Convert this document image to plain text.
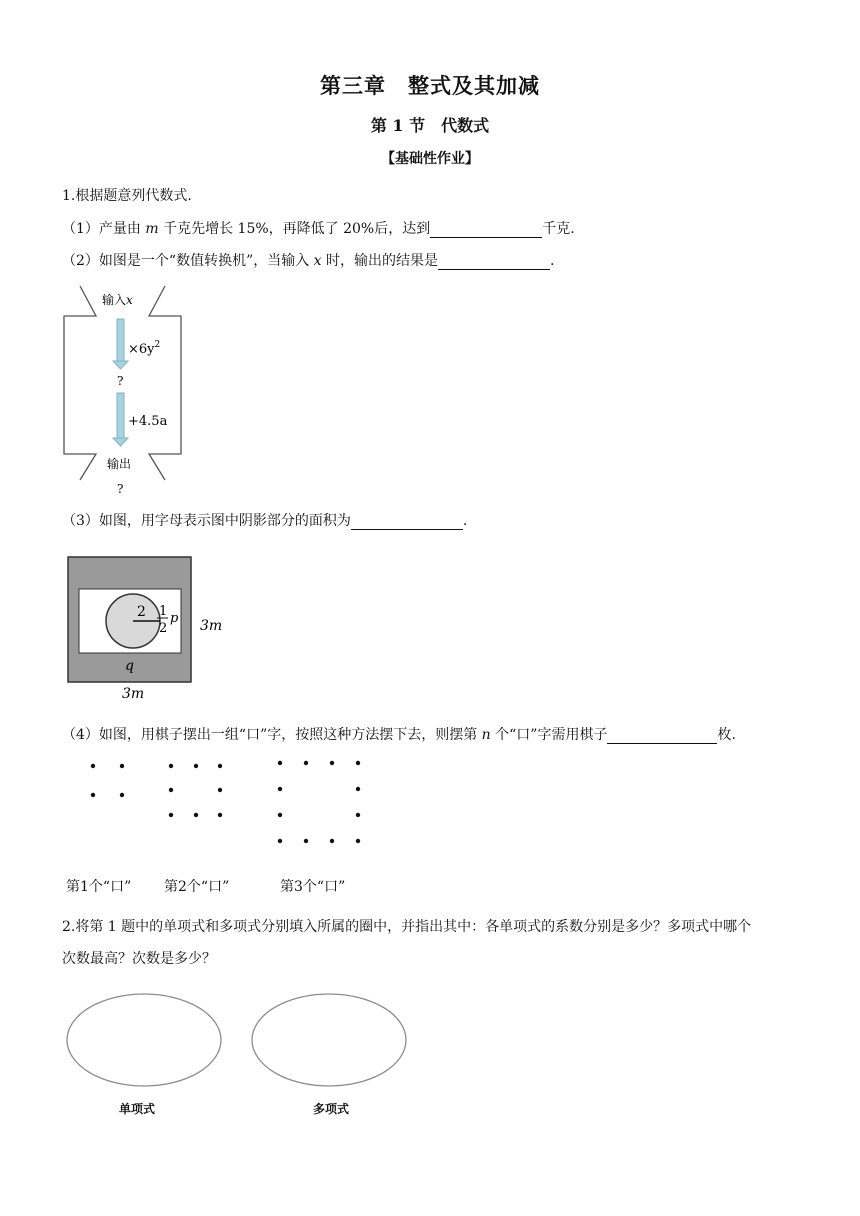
第三章　整式及其加减
第 1 节　代数式
【基础性作业】
1.根据题意列代数式.
（1）产量由 m 千克先增长 15%，再降低了 20%后，达到	千克.
（2）如图是一个“数值转换机”，当输入 x 时，输出的结果是	.
输入x
$\times 6y^2$
?
+4.5a
输出
?
（3）如图，用字母表示图中阴影部分的面积为	.
2 1
2
p
q
3m
3m
（4）如图，用棋子摆出一组“口”字，按照这种方法摆下去，则摆第 n 个“口”字需用棋子	枚.
第1个“口” 第2个“口”	第3个“口”
2.将第 1 题中的单项式和多项式分别填入所属的圈中，并指出其中：各单项式的系数分别是多少？多项式中哪个
次数最高？次数是多少？
单项式	多项式
